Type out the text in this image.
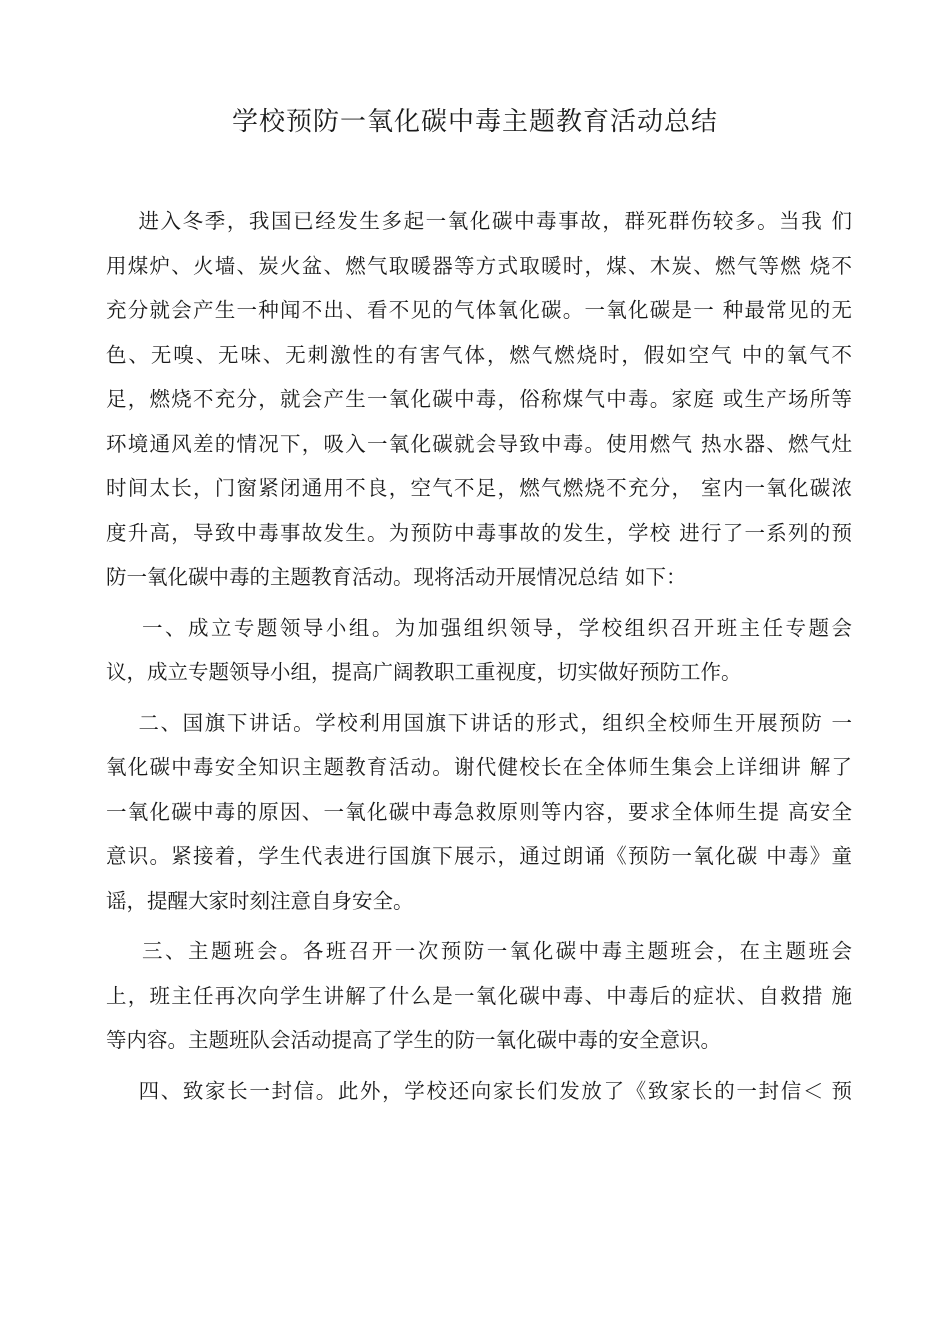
学校预防一氧化碳中毒主题教育活动总结
进入冬季，我国已经发生多起一氧化碳中毒事故，群死群伤较多。当我 们
用煤炉、火墙、炭火盆、燃气取暖器等方式取暖时，煤、木炭、燃气等燃 烧不
充分就会产生一种闻不出、看不见的气体氧化碳。一氧化碳是一 种最常见的无
色、无嗅、无味、无刺激性的有害气体，燃气燃烧时，假如空气 中的氧气不
足，燃烧不充分，就会产生一氧化碳中毒，俗称煤气中毒。家庭 或生产场所等
环境通风差的情况下，吸入一氧化碳就会导致中毒。使用燃气 热水器、燃气灶
时间太长，门窗紧闭通用不良，空气不足，燃气燃烧不充分， 室内一氧化碳浓
度升高，导致中毒事故发生。为预防中毒事故的发生，学校 进行了一系列的预
防一氧化碳中毒的主题教育活动。现将活动开展情况总结 如下：
一、成立专题领导小组。为加强组织领导，学校组织召开班主任专题会
议，成立专题领导小组，提高广阔教职工重视度，切实做好预防工作。
二、国旗下讲话。学校利用国旗下讲话的形式，组织全校师生开展预防 一
氧化碳中毒安全知识主题教育活动。谢代健校长在全体师生集会上详细讲 解了
一氧化碳中毒的原因、一氧化碳中毒急救原则等内容，要求全体师生提 高安全
意识。紧接着，学生代表进行国旗下展示，通过朗诵《预防一氧化碳 中毒》童
谣，提醒大家时刻注意自身安全。
三、主题班会。各班召开一次预防一氧化碳中毒主题班会，在主题班会
上，班主任再次向学生讲解了什么是一氧化碳中毒、中毒后的症状、自救措 施
等内容。主题班队会活动提高了学生的防一氧化碳中毒的安全意识。
四、致家长一封信。此外，学校还向家长们发放了《致家长的一封信＜ 预
